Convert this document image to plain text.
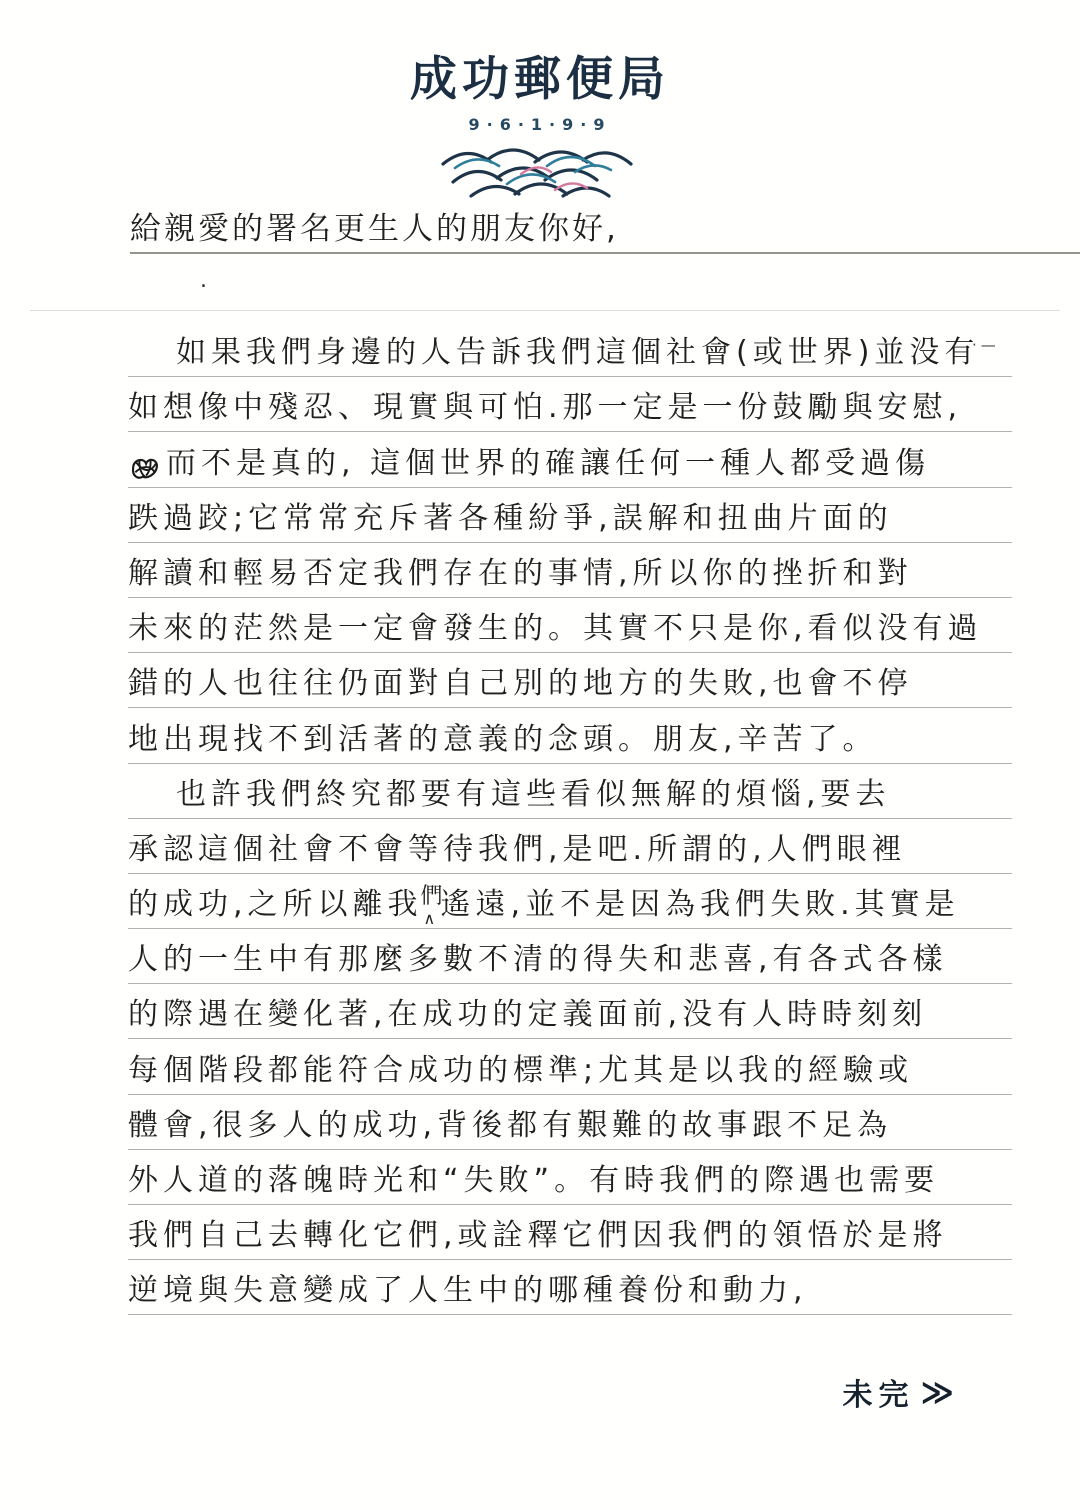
成功郵便局
9·6·1·9·9
給親愛的署名更生人的朋友你好,
.
·—
如果我們身邊的人告訴我們這個社會(或世界)並没有
如想像中殘忍、現實與可怕.那一定是一份鼓勵與安慰,
而不是真的, 這個世界的確讓任何一種人都受過傷
跌過跤;它常常充斥著各種紛爭,誤解和扭曲片面的
解讀和輕易否定我們存在的事情,所以你的挫折和對
未來的茫然是一定會發生的。其實不只是你,看似没有過
錯的人也往往仍面對自己別的地方的失敗,也會不停
地出現找不到活著的意義的念頭。朋友,辛苦了。
也許我們終究都要有這些看似無解的煩惱,要去
承認這個社會不會等待我們,是吧.所謂的,人們眼裡
的成功,之所以離我
們
∧ 遙遠,並不是因為我們失敗.其實是
人的一生中有那麼多數不清的得失和悲喜,有各式各樣
的際遇在變化著,在成功的定義面前,没有人時時刻刻
每個階段都能符合成功的標準;尤其是以我的經驗或
體會,很多人的成功,背後都有艱難的故事跟不足為
外人道的落魄時光和“失敗”。有時我們的際遇也需要
我們自己去轉化它們,或詮釋它們因我們的領悟於是將
逆境與失意變成了人生中的哪種養份和動力,
未完 ≫
